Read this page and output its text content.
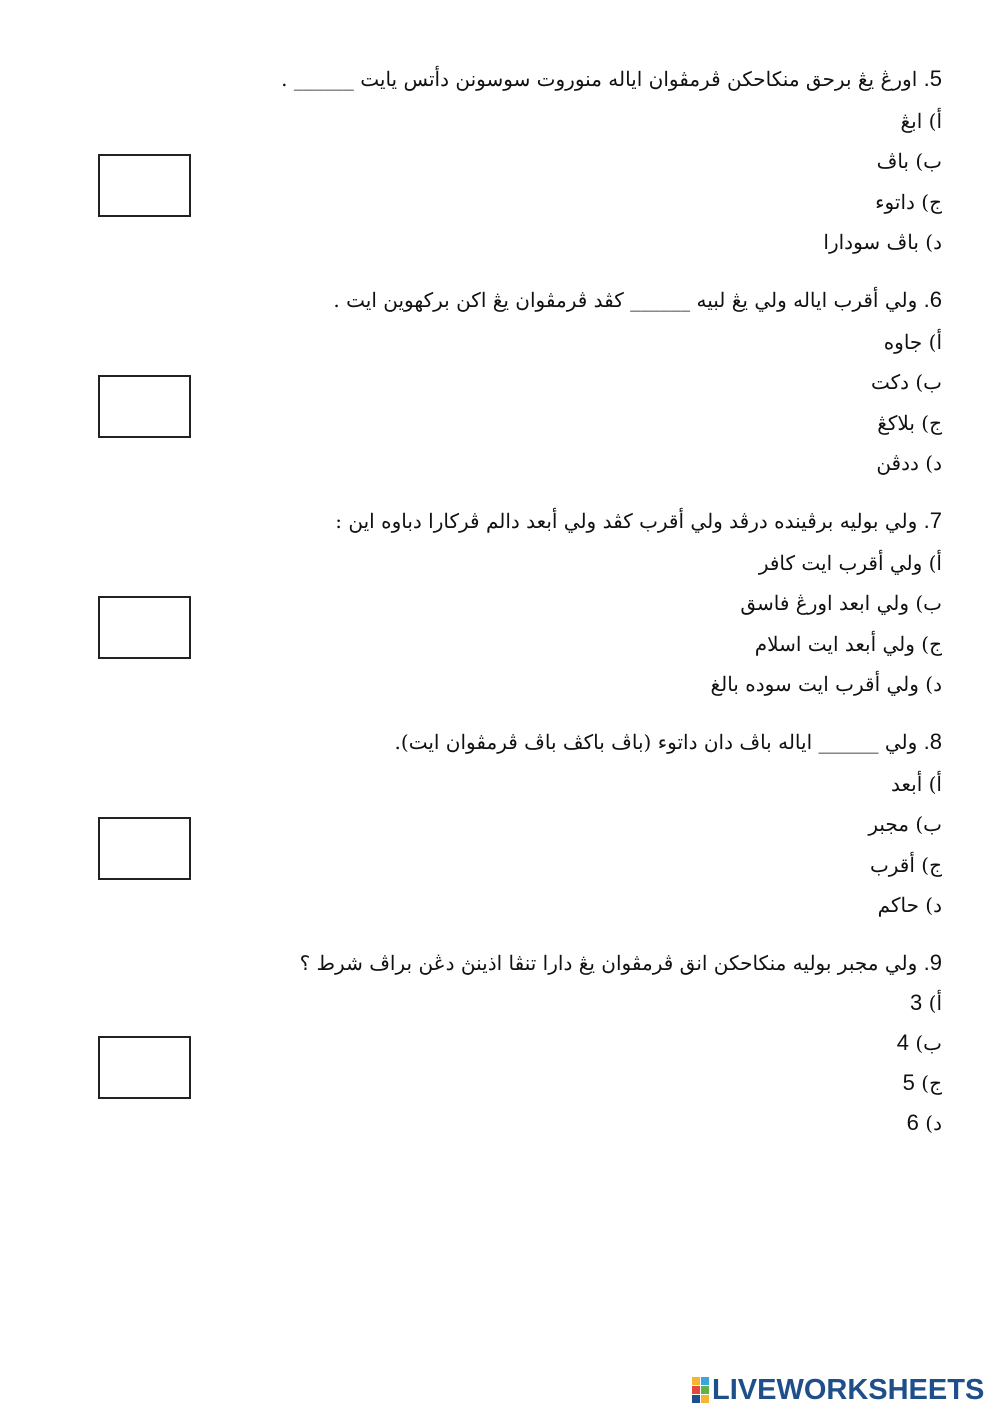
5. اورڠ يڠ برحق منكاحكن ڤرمڤوان اياله منوروت سوسونن دأتس يايت ______ .
أ) ابڠ
ب) باڤ
ج) داتوء
د) باڤ سودارا
6. ولي أقرب اياله ولي يڠ لبيه ______ كڤد ڤرمڤوان يڠ اكن بركهوين ايت .
أ) جاوه
ب) دكت
ج) بلاكڠ
د) ددڤن
7. ولي بوليه برڤينده درڤد ولي أقرب كڤد ولي أبعد دالم ڤركارا دباوه اين :
أ) ولي أقرب ايت كافر
ب) ولي ابعد اورڠ فاسق
ج) ولي أبعد ايت اسلام
د) ولي أقرب ايت سوده بالغ
8. ولي ______ اياله باڤ دان داتوء (باڤ باكڤ باڤ ڤرمڤوان ايت).
أ) أبعد
ب) مجبر
ج) أقرب
د) حاكم
9. ولي مجبر بوليه منكاحكن انق ڤرمڤوان يڠ دارا تنڤا اذينڽ دڠن براڤ شرط ؟
أ) 3
ب) 4
ج) 5
د) 6
LIVEWORKSHEETS
